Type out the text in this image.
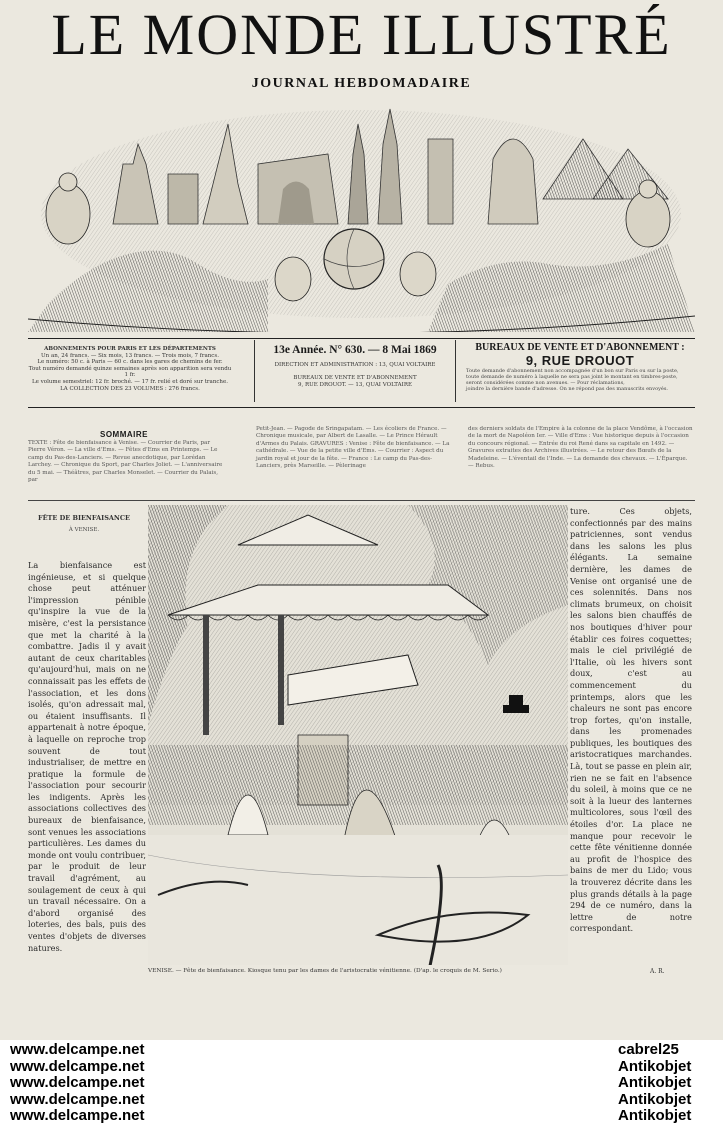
LE MONDE ILLUSTRÉ
JOURNAL HEBDOMADAIRE
ABONNEMENTS POUR PARIS ET LES DÉPARTEMENTS
Un an, 24 francs. — Six mois, 13 francs. — Trois mois, 7 francs.
Le numéro: 50 c. à Paris — 60 c. dans les gares de chemins de fer.
Tout numéro demandé quinze semaines après son apparition sera vendu 1 fr.
Le volume semestriel: 12 fr. broché. — 17 fr. relié et doré sur tranche.
LA COLLECTION DES 23 VOLUMES : 276 francs.
13e Année. N° 630. — 8 Mai 1869
DIRECTION ET ADMINISTRATION : 13, QUAI VOLTAIRE
BUREAUX DE VENTE ET D'ABONNEMENT
9, RUE DROUOT. — 13, QUAI VOLTAIRE
BUREAUX DE VENTE ET D'ABONNEMENT :
9, RUE DROUOT
Toute demande d'abonnement non accompagnée d'un bon sur Paris ou sur la poste,
toute demande de numéro à laquelle ne sera pas joint le montant en timbres-poste,
seront considérées comme non avenues. — Pour réclamations,
joindre la dernière bande d'adresse. On ne répond pas des manuscrits envoyés.
SOMMAIRE
TEXTE : Fête de bienfaisance à Venise. — Courrier de Paris, par Pierre Véron. — La ville d'Ems. — Fêtes d'Ems en Printemps. — Le camp du Pas-des-Lanciers. — Revue anecdotique, par Lorédan Larchey. — Chronique du Sport, par Charles Joliet. — L'anniversaire du 5 mai. — Théâtres, par Charles Monselet. — Courrier du Palais, par
Petit-Jean. — Pagode de Sringapatam. — Les écoliers de France. — Chronique musicale, par Albert de Lasalle. — Le Prince Hérault d'Armes du Palais. GRAVURES : Venise : Fête de bienfaisance. — La cathédrale. — Vue de la petite ville d'Ems. — Courrier : Aspect du jardin royal et jour de la fête. — France : Le camp du Pas-des-Lanciers, près Marseille. — Pèlerinage
des derniers soldats de l'Empire à la colonne de la place Vendôme, à l'occasion de la mort de Napoléon Ier. — Ville d'Ems : Vue historique depuis à l'occasion du concours régional. — Entrée du roi René dans sa capitale en 1492. — Gravures extraites des Archives illustrées. — Le retour des Bœufs de la Madeleine. — L'éventail de l'Inde. — La demande des chevaux. — L'Éparque. — Rebus.
FÊTE DE BIENFAISANCE
À VENISE.
La bienfaisance est ingénieuse, et si quelque chose peut atténuer l'impression pénible qu'inspire la vue de la misère, c'est la persistance que met la charité à la combattre. Jadis il y avait autant de ceux charitables qu'aujourd'hui, mais on ne connaissait pas les effets de l'association, et les dons isolés, qu'on adressait mal, ou étaient insuffisants. Il appartenait à notre époque, à laquelle on reproche trop souvent de tout industrialiser, de mettre en pratique la formule de l'association pour secourir les indigents. Après les associations collectives des bureaux de bienfaisance, sont venues les associations particulières. Les dames du monde ont voulu contribuer, par le produit de leur travail d'agrément, au soulagement de ceux à qui un travail nécessaire. On a d'abord organisé des loteries, des bals, puis des ventes d'objets de diverses natures.
VENISE. — Fête de bienfaisance. Kiosque tenu par les dames de l'aristocratie vénitienne. (D'ap. le croquis de M. Serio.)	A. R.
ture. Ces objets, confectionnés par des mains patriciennes, sont vendus dans les salons les plus élégants. La semaine dernière, les dames de Venise ont organisé une de ces solennités. Dans nos climats brumeux, on choisit les salons bien chauffés de nos boutiques d'hiver pour établir ces foires coquettes; mais le ciel privilégié de l'Italie, où les hivers sont doux, c'est au commencement du printemps, alors que les chaleurs ne sont pas encore trop fortes, qu'on installe, dans les promenades publiques, les boutiques des aristocratiques marchandes. Là, tout se passe en plein air, rien ne se fait en l'absence du soleil, à moins que ce ne soit à la lueur des lanternes multicolores, sous l'œil des étoiles d'or. La place ne manque pour recevoir le cette fête vénitienne donnée au profit de l'hospice des bains de mer du Lido; vous la trouverez décrite dans les plus grands détails à la page 294 de ce numéro, dans la lettre de notre correspondant.
www.delcampe.net
www.delcampe.net
www.delcampe.net
www.delcampe.net
www.delcampe.net
cabrel25
Antikobjet
Antikobjet
Antikobjet
Antikobjet
